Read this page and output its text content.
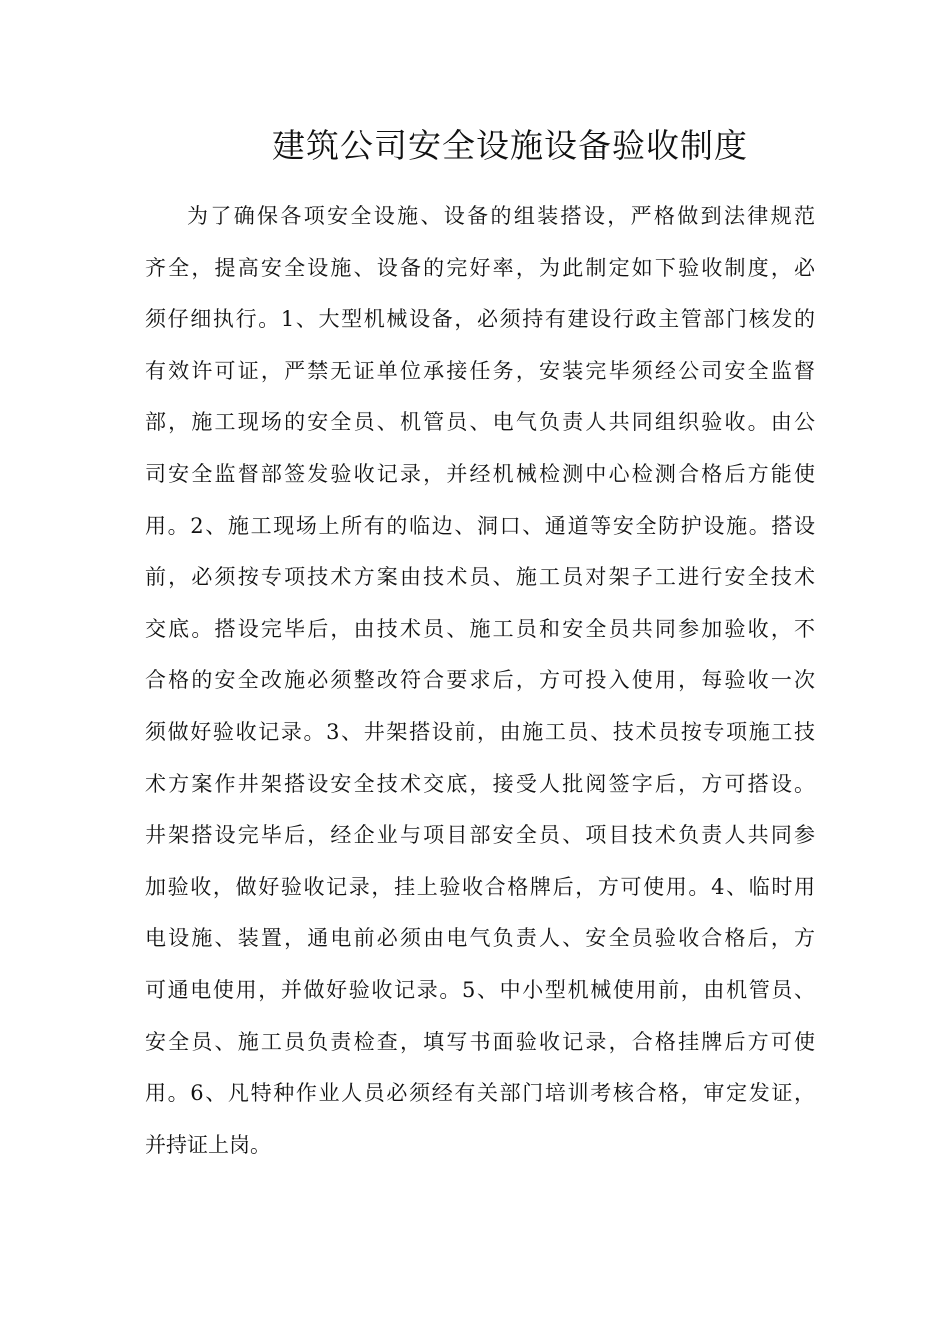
建筑公司安全设施设备验收制度
为了确保各项安全设施、设备的组装搭设，严格做到法律规范
齐全，提高安全设施、设备的完好率，为此制定如下验收制度，必
须仔细执行。1、大型机械设备，必须持有建设行政主管部门核发的
有效许可证，严禁无证单位承接任务，安装完毕须经公司安全监督
部，施工现场的安全员、机管员、电气负责人共同组织验收。由公
司安全监督部签发验收记录，并经机械检测中心检测合格后方能使
用。2、施工现场上所有的临边、洞口、通道等安全防护设施。搭设
前，必须按专项技术方案由技术员、施工员对架子工进行安全技术
交底。搭设完毕后，由技术员、施工员和安全员共同参加验收，不
合格的安全改施必须整改符合要求后，方可投入使用，每验收一次
须做好验收记录。3、井架搭设前，由施工员、技术员按专项施工技
术方案作井架搭设安全技术交底，接受人批阅签字后，方可搭设。
井架搭设完毕后，经企业与项目部安全员、项目技术负责人共同参
加验收，做好验收记录，挂上验收合格牌后，方可使用。4、临时用
电设施、装置，通电前必须由电气负责人、安全员验收合格后，方
可通电使用，并做好验收记录。5、中小型机械使用前，由机管员、
安全员、施工员负责检查，填写书面验收记录，合格挂牌后方可使
用。6、凡特种作业人员必须经有关部门培训考核合格，审定发证，
并持证上岗。
